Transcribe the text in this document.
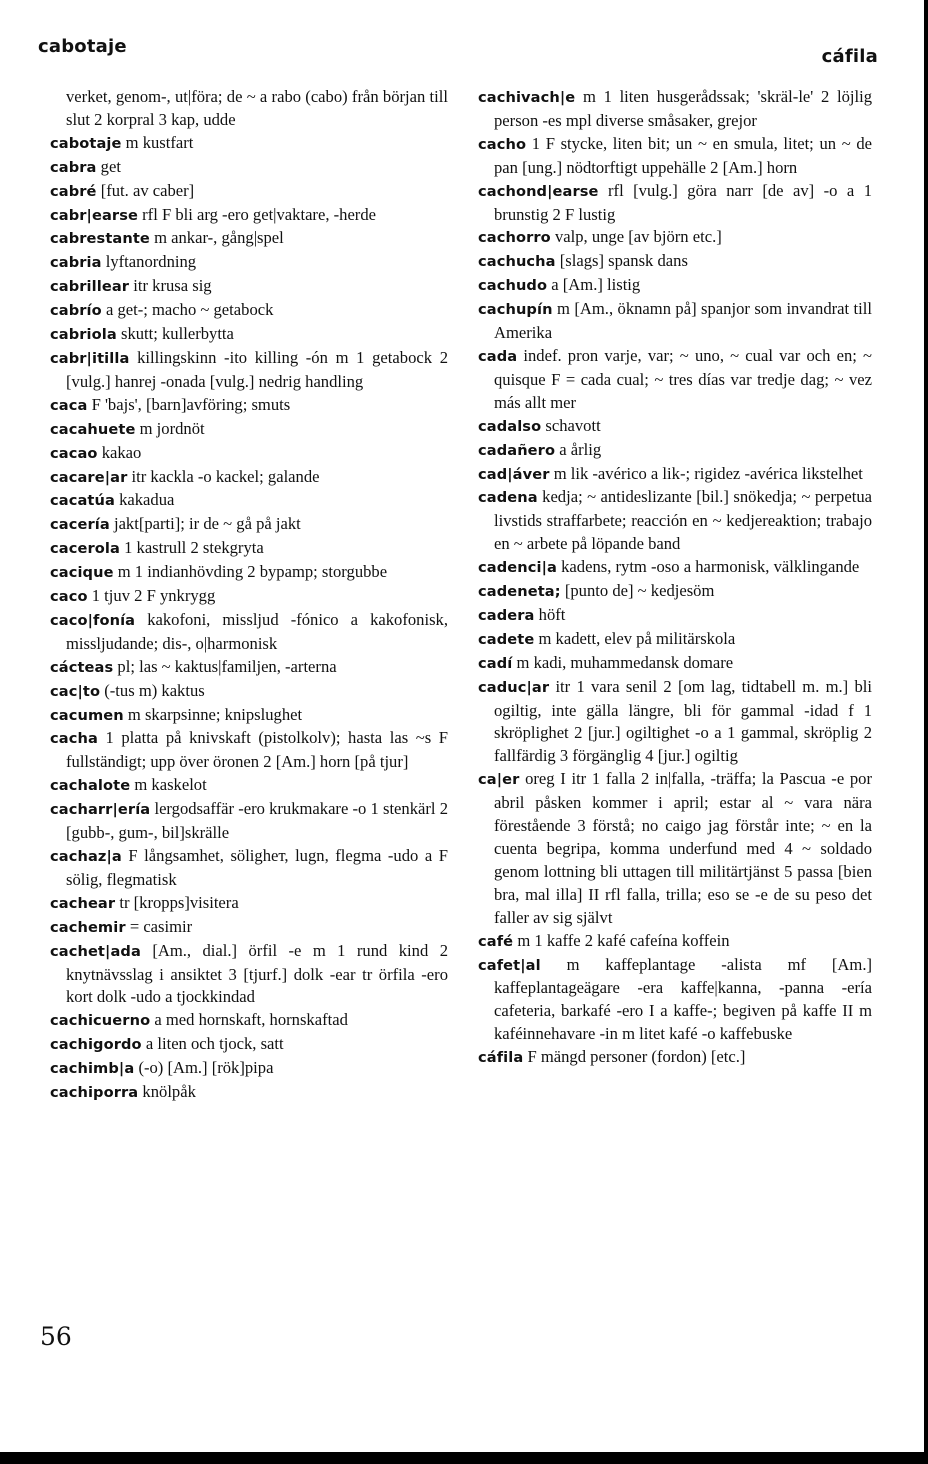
cabotaje	cáfila
verket, genom-, ut|föra; de ~ a rabo (cabo) från början till slut 2 korpral 3 kap, udde
cabotaje m kustfart
cabra get
cabré [fut. av caber]
cabr|earse rfl F bli arg -ero get|vaktare, -herde
cabrestante m ankar-, gång|spel
cabria lyftanordning
cabrillear itr krusa sig
cabrío a get-; macho ~ getabock
cabriola skutt; kullerbytta
cabr|itilla killingskinn -ito killing -ón m 1 getabock 2 [vulg.] hanrej -onada [vulg.] nedrig handling
caca F 'bajs', [barn]avföring; smuts
cacahuete m jordnöt
cacao kakao
cacare|ar itr kackla -o kackel; galande
cacatúa kakadua
cacería jakt[parti]; ir de ~ gå på jakt
cacerola 1 kastrull 2 stekgryta
cacique m 1 indianhövding 2 bypamp; storgubbe
caco 1 tjuv 2 F ynkrygg
caco|fonía kakofoni, missljud -fónico a kakofonisk, missljudande; dis-, o|harmonisk
cácteas pl; las ~ kaktus|familjen, -arterna
cac|to (-tus m) kaktus
cacumen m skarpsinne; knipslughet
cacha 1 platta på knivskaft (pistolkolv); hasta las ~s F fullständigt; upp över öronen 2 [Am.] horn [på tjur]
cachalote m kaskelot
cacharr|ería lergodsaffär -ero krukmakare -o 1 stenkärl 2 [gubb-, gum-, bil]skrälle
cachaz|a F långsamhet, söligheт, lugn, flegma -udo a F sölig, flegmatisk
cachear tr [kropps]visitera
cachemir = casimir
cachet|ada [Am., dial.] örfil -e m 1 rund kind 2 knytnävsslag i ansiktet 3 [tjurf.] dolk -ear tr örfila -ero kort dolk -udo a tjockkindad
cachicuerno a med hornskaft, hornskaftad
cachigordo a liten och tjock, satt
cachimb|a (-o) [Am.] [rök]pipa
cachiporra knölpåk
cachivach|e m 1 liten husgerådssak; 'skräl-le' 2 löjlig person -es mpl diverse småsaker, grejor
cacho 1 F stycke, liten bit; un ~ en smula, litet; un ~ de pan [ung.] nödtorftigt uppehälle 2 [Am.] horn
cachond|earse rfl [vulg.] göra narr [de av] -o a 1 brunstig 2 F lustig
cachorro valp, unge [av björn etc.]
cachucha [slags] spansk dans
cachudo a [Am.] listig
cachupín m [Am., öknamn på] spanjor som invandrat till Amerika
cada indef. pron varje, var; ~ uno, ~ cual var och en; ~ quisque F = cada cual; ~ tres días var tredje dag; ~ vez más allt mer
cadalso schavott
cadañero a årlig
cad|áver m lik -avérico a lik-; rigidez -avérica likstelhet
cadena kedja; ~ antideslizante [bil.] snökedja; ~ perpetua livstids straffarbete; reacción en ~ kedjereaktion; trabajo en ~ arbete på löpande band
cadenci|a kadens, rytm -oso a harmonisk, välklingande
cadeneta; [punto de] ~ kedjesöm
cadera höft
cadete m kadett, elev på militärskola
cadí m kadi, muhammedansk domare
caduc|ar itr 1 vara senil 2 [om lag, tidtabell m. m.] bli ogiltig, inte gälla längre, bli för gammal -idad f 1 skröplighet 2 [jur.] ogiltighet -o a 1 gammal, skröplig 2 fallfärdig 3 förgänglig 4 [jur.] ogiltig
ca|er oreg I itr 1 falla 2 in|falla, -träffa; la Pascua -e por abril påsken kommer i april; estar al ~ vara nära förestående 3 förstå; no caigo jag förstår inte; ~ en la cuenta begripa, komma underfund med 4 ~ soldado genom lottning bli uttagen till militärtjänst 5 passa [bien bra, mal illa] II rfl falla, trilla; eso se -e de su peso det faller av sig självt
café m 1 kaffe 2 kafé cafeína koffein
cafet|al m kaffeplantage -alista mf [Am.] kaffeplantageägare -era kaffe|kanna, -panna -ería cafeteria, barkafé -ero I a kaffe-; begiven på kaffe II m kaféinnehavare -in m litet kafé -o kaffebuske
cáfila F mängd personer (fordon) [etc.]
56
